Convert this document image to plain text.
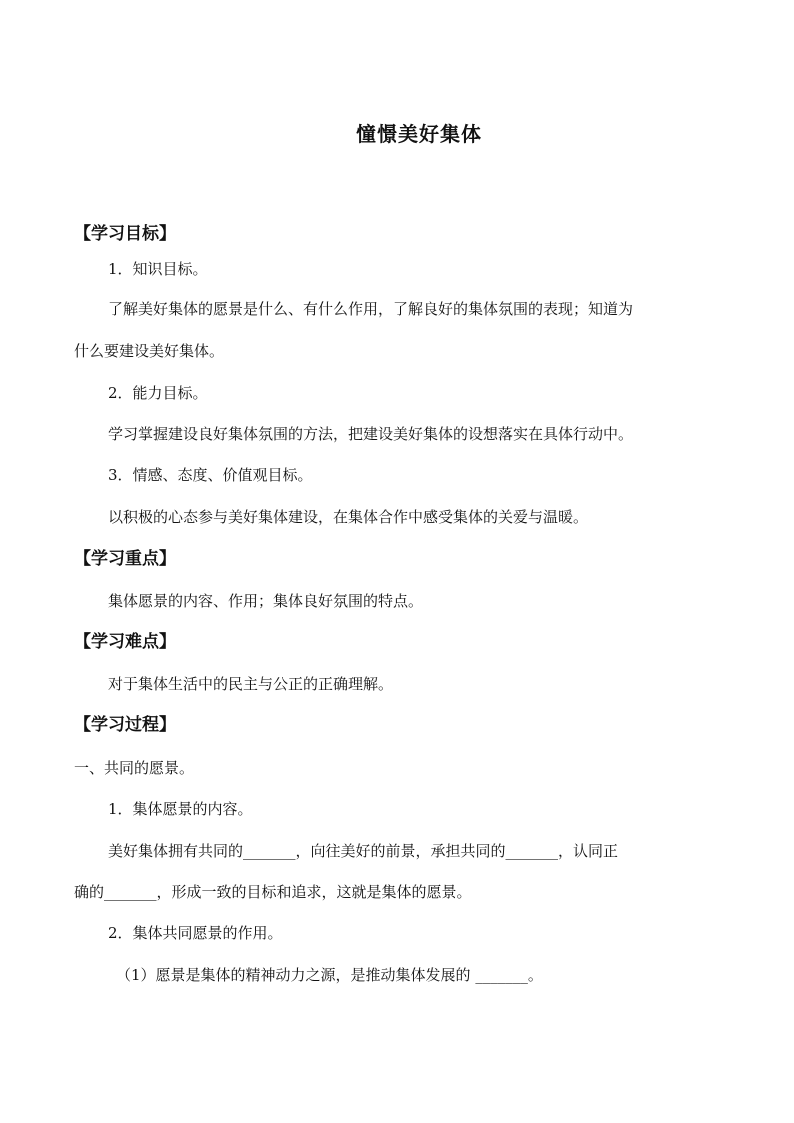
憧憬美好集体
【学习目标】
1．知识目标。
了解美好集体的愿景是什么、有什么作用，了解良好的集体氛围的表现；知道为
什么要建设美好集体。
2．能力目标。
学习掌握建设良好集体氛围的方法，把建设美好集体的设想落实在具体行动中。
3．情感、态度、价值观目标。
以积极的心态参与美好集体建设，在集体合作中感受集体的关爱与温暖。
【学习重点】
集体愿景的内容、作用；集体良好氛围的特点。
【学习难点】
对于集体生活中的民主与公正的正确理解。
【学习过程】
一、共同的愿景。
1．集体愿景的内容。
美好集体拥有共同的_______，向往美好的前景，承担共同的_______，认同正
确的_______，形成一致的目标和追求，这就是集体的愿景。
2．集体共同愿景的作用。
（1）愿景是集体的精神动力之源，是推动集体发展的 _______。
